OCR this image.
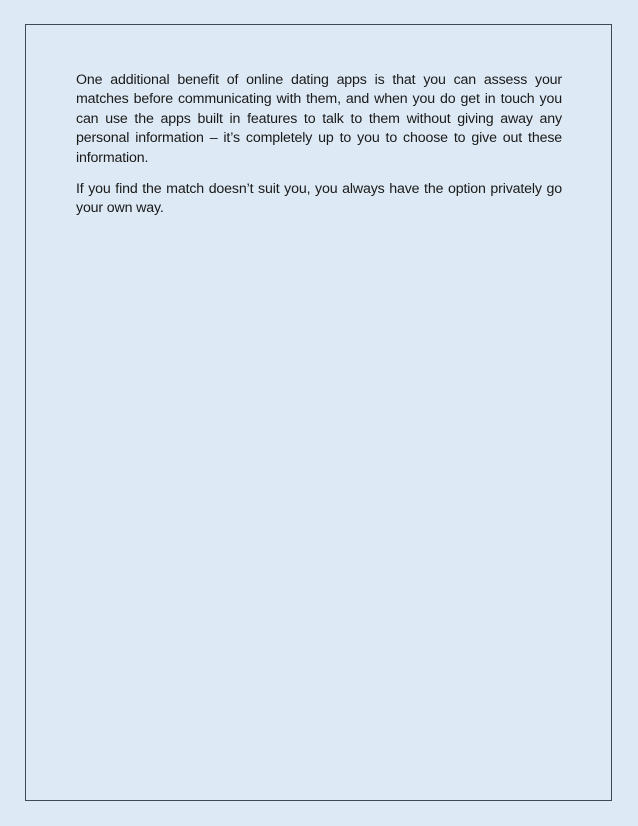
One additional benefit of online dating apps is that you can assess your matches before communicating with them, and when you do get in touch you can use the apps built in features to talk to them without giving away any personal information – it’s completely up to you to choose to give out these information.

If you find the match doesn’t suit you, you always have the option privately go your own way.
